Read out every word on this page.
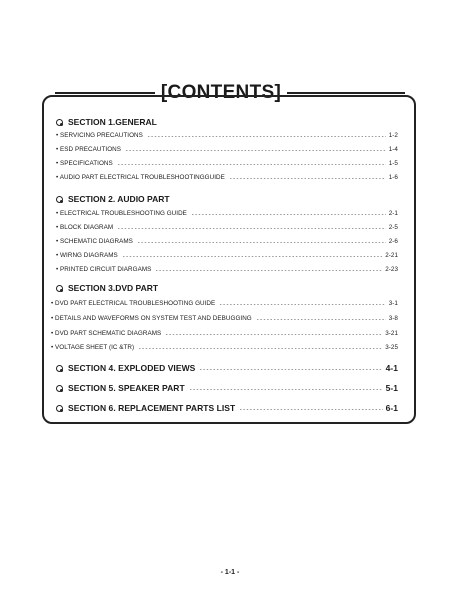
[CONTENTS]
SECTION 1.GENERAL
• SERVICING PRECAUTIONS	1-2
• ESD PRECAUTIONS	1-4
• SPECIFICATIONS	1-5
• AUDIO PART ELECTRICAL TROUBLESHOOTINGGUIDE	1-6
SECTION 2. AUDIO PART
• ELECTRICAL TROUBLESHOOTING GUIDE	2-1
• BLOCK DIAGRAM	2-5
• SCHEMATIC DIAGRAMS	2-6
• WIRNG DIAGRAMS	2-21
• PRINTED CIRCUIT DIARGAMS	2-23
SECTION 3.DVD PART
• DVD PART ELECTRICAL TROUBLESHOOTING GUIDE	3-1
• DETAILS AND WAVEFORMS ON SYSTEM TEST AND DEBUGGING	3-8
• DVD PART SCHEMATIC DIAGRAMS	3-21
• VOLTAGE SHEET (IC &TR)	3-25
SECTION 4. EXPLODED VIEWS	4-1
SECTION 5. SPEAKER PART	5-1
SECTION 6. REPLACEMENT PARTS LIST	6-1
- 1-1 -
